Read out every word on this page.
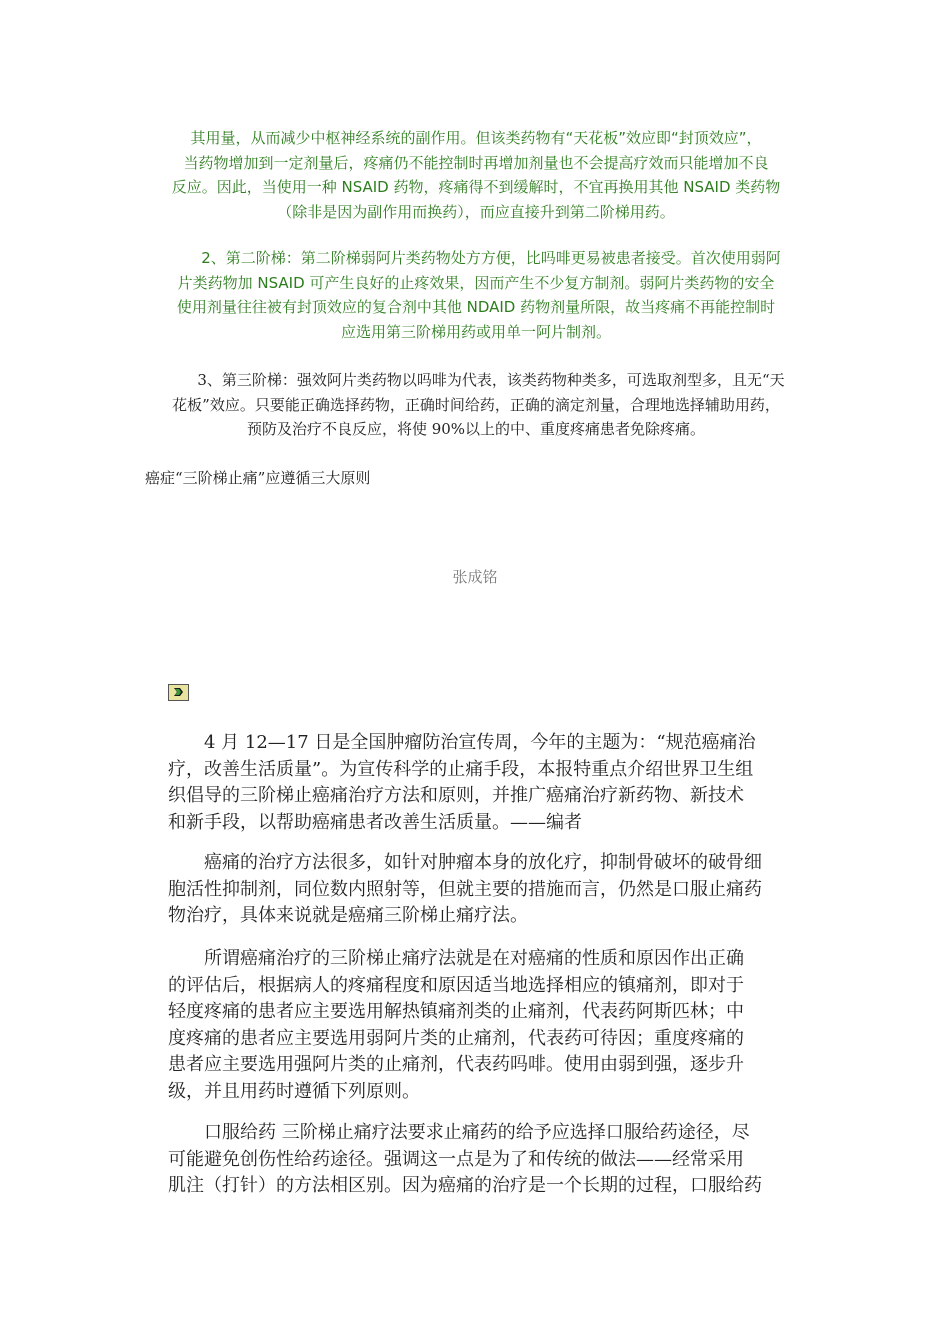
其用量，从而减少中枢神经系统的副作用。但该类药物有“天花板”效应即“封顶效应”，
当药物增加到一定剂量后，疼痛仍不能控制时再增加剂量也不会提高疗效而只能增加不良
反应。因此，当使用一种 NSAID 药物，疼痛得不到缓解时，不宜再换用其他 NSAID 类药物
（除非是因为副作用而换药），而应直接升到第二阶梯用药。
　　2、第二阶梯：第二阶梯弱阿片类药物处方方便，比吗啡更易被患者接受。首次使用弱阿
片类药物加 NSAID 可产生良好的止疼效果，因而产生不少复方制剂。弱阿片类药物的安全
使用剂量往往被有封顶效应的复合剂中其他 NDAID 药物剂量所限，故当疼痛不再能控制时
应选用第三阶梯用药或用单一阿片制剂。
　　3、第三阶梯：强效阿片类药物以吗啡为代表，该类药物种类多，可选取剂型多，且无“天
花板”效应。只要能正确选择药物，正确时间给药，正确的滴定剂量，合理地选择辅助用药，
预防及治疗不良反应，将使 90%以上的中、重度疼痛患者免除疼痛。
癌症“三阶梯止痛”应遵循三大原则
张成铭
　　4 月 12—17 日是全国肿瘤防治宣传周，今年的主题为：“规范癌痛治
疗，改善生活质量”。为宣传科学的止痛手段，本报特重点介绍世界卫生组
织倡导的三阶梯止癌痛治疗方法和原则，并推广癌痛治疗新药物、新技术
和新手段，以帮助癌痛患者改善生活质量。——编者
　　癌痛的治疗方法很多，如针对肿瘤本身的放化疗，抑制骨破坏的破骨细
胞活性抑制剂，同位数内照射等，但就主要的措施而言，仍然是口服止痛药
物治疗，具体来说就是癌痛三阶梯止痛疗法。
　　所谓癌痛治疗的三阶梯止痛疗法就是在对癌痛的性质和原因作出正确
的评估后，根据病人的疼痛程度和原因适当地选择相应的镇痛剂，即对于
轻度疼痛的患者应主要选用解热镇痛剂类的止痛剂，代表药阿斯匹林；中
度疼痛的患者应主要选用弱阿片类的止痛剂，代表药可待因；重度疼痛的
患者应主要选用强阿片类的止痛剂，代表药吗啡。使用由弱到强，逐步升
级，并且用药时遵循下列原则。
　　口服给药 三阶梯止痛疗法要求止痛药的给予应选择口服给药途径，尽
可能避免创伤性给药途径。强调这一点是为了和传统的做法——经常采用
肌注（打针）的方法相区别。因为癌痛的治疗是一个长期的过程，口服给药
